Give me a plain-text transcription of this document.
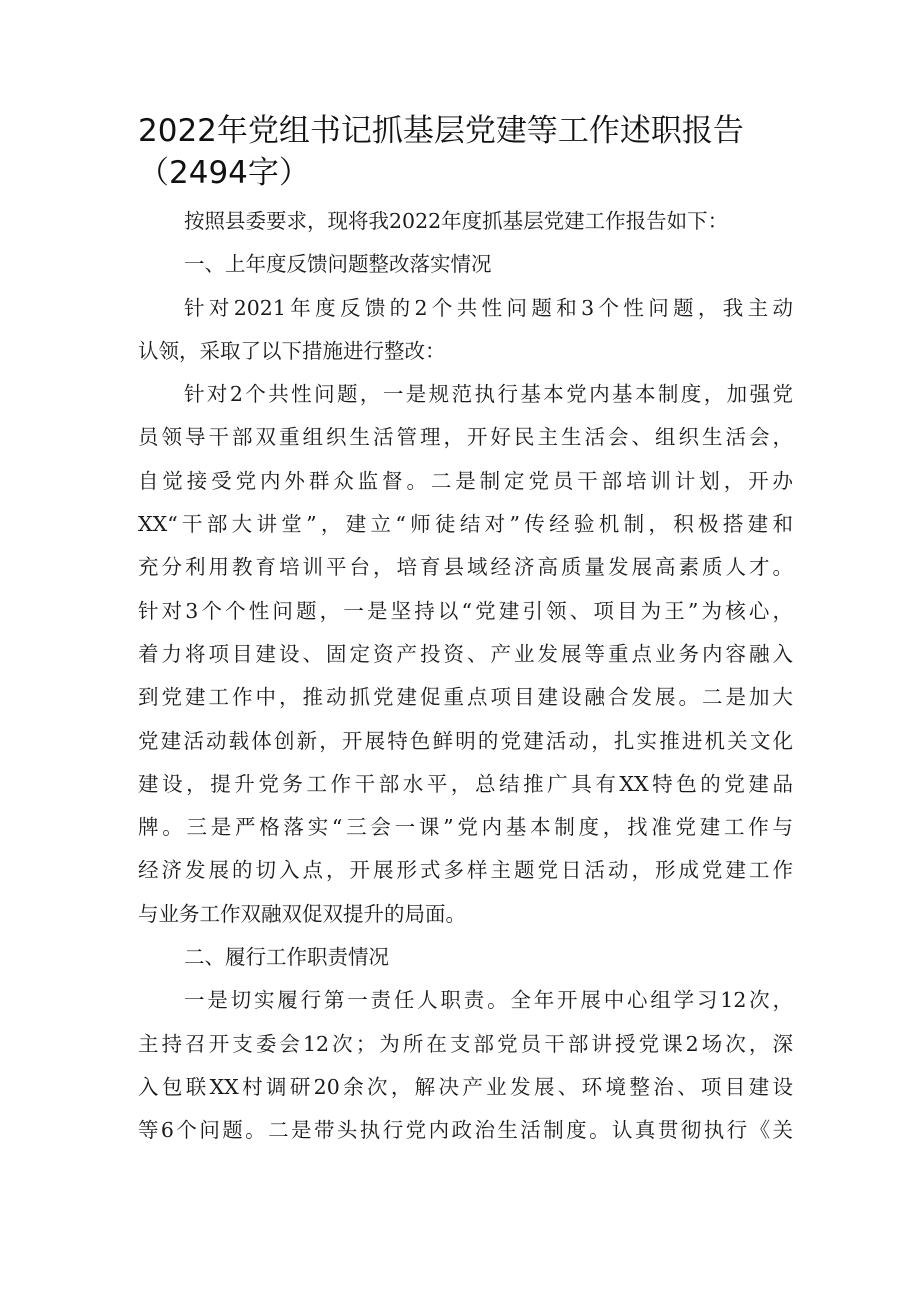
2022年党组书记抓基层党建等工作述职报告
（2494字）
按照县委要求，现将我2022年度抓基层党建工作报告如下：
一、上年度反馈问题整改落实情况
针对2021年度反馈的2个共性问题和3个性问题，我主动
认领，采取了以下措施进行整改：
针对2个共性问题，一是规范执行基本党内基本制度，加强党
员领导干部双重组织生活管理，开好民主生活会、组织生活会，
自觉接受党内外群众监督。二是制定党员干部培训计划，开办
XX“干部大讲堂”，建立“师徒结对”传经验机制，积极搭建和
充分利用教育培训平台，培育县域经济高质量发展高素质人才。
针对3个个性问题，一是坚持以“党建引领、项目为王”为核心，
着力将项目建设、固定资产投资、产业发展等重点业务内容融入
到党建工作中，推动抓党建促重点项目建设融合发展。二是加大
党建活动载体创新，开展特色鲜明的党建活动，扎实推进机关文化
建设，提升党务工作干部水平，总结推广具有XX特色的党建品
牌。三是严格落实“三会一课”党内基本制度，找准党建工作与
经济发展的切入点，开展形式多样主题党日活动，形成党建工作
与业务工作双融双促双提升的局面。
二、履行工作职责情况
一是切实履行第一责任人职责。全年开展中心组学习12次，
主持召开支委会12次；为所在支部党员干部讲授党课2场次，深
入包联XX村调研20余次，解决产业发展、环境整治、项目建设
等6个问题。二是带头执行党内政治生活制度。认真贯彻执行《关
